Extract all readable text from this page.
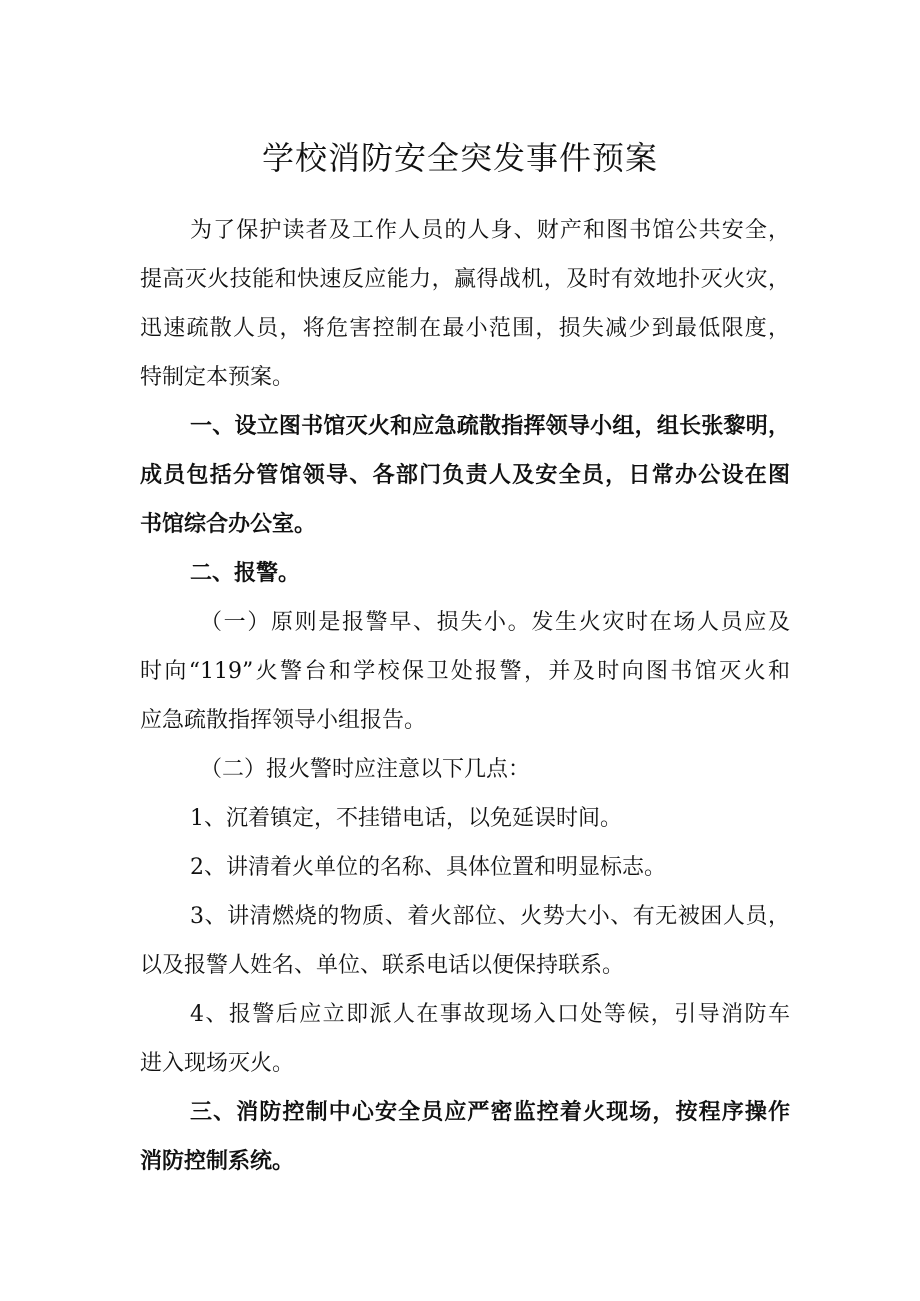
学校消防安全突发事件预案
为了保护读者及工作人员的人身、财产和图书馆公共安全，
提高灭火技能和快速反应能力，赢得战机，及时有效地扑灭火灾，
迅速疏散人员，将危害控制在最小范围，损失减少到最低限度，
特制定本预案。
一、设立图书馆灭火和应急疏散指挥领导小组，组长张黎明，
成员包括分管馆领导、各部门负责人及安全员，日常办公设在图
书馆综合办公室。
二、报警。
（一）原则是报警早、损失小。发生火灾时在场人员应及
时向“119”火警台和学校保卫处报警，并及时向图书馆灭火和
应急疏散指挥领导小组报告。
（二）报火警时应注意以下几点：
1、沉着镇定，不挂错电话，以免延误时间。
2、讲清着火单位的名称、具体位置和明显标志。
3、讲清燃烧的物质、着火部位、火势大小、有无被困人员，
以及报警人姓名、单位、联系电话以便保持联系。
4、报警后应立即派人在事故现场入口处等候，引导消防车
进入现场灭火。
三、消防控制中心安全员应严密监控着火现场，按程序操作
消防控制系统。
